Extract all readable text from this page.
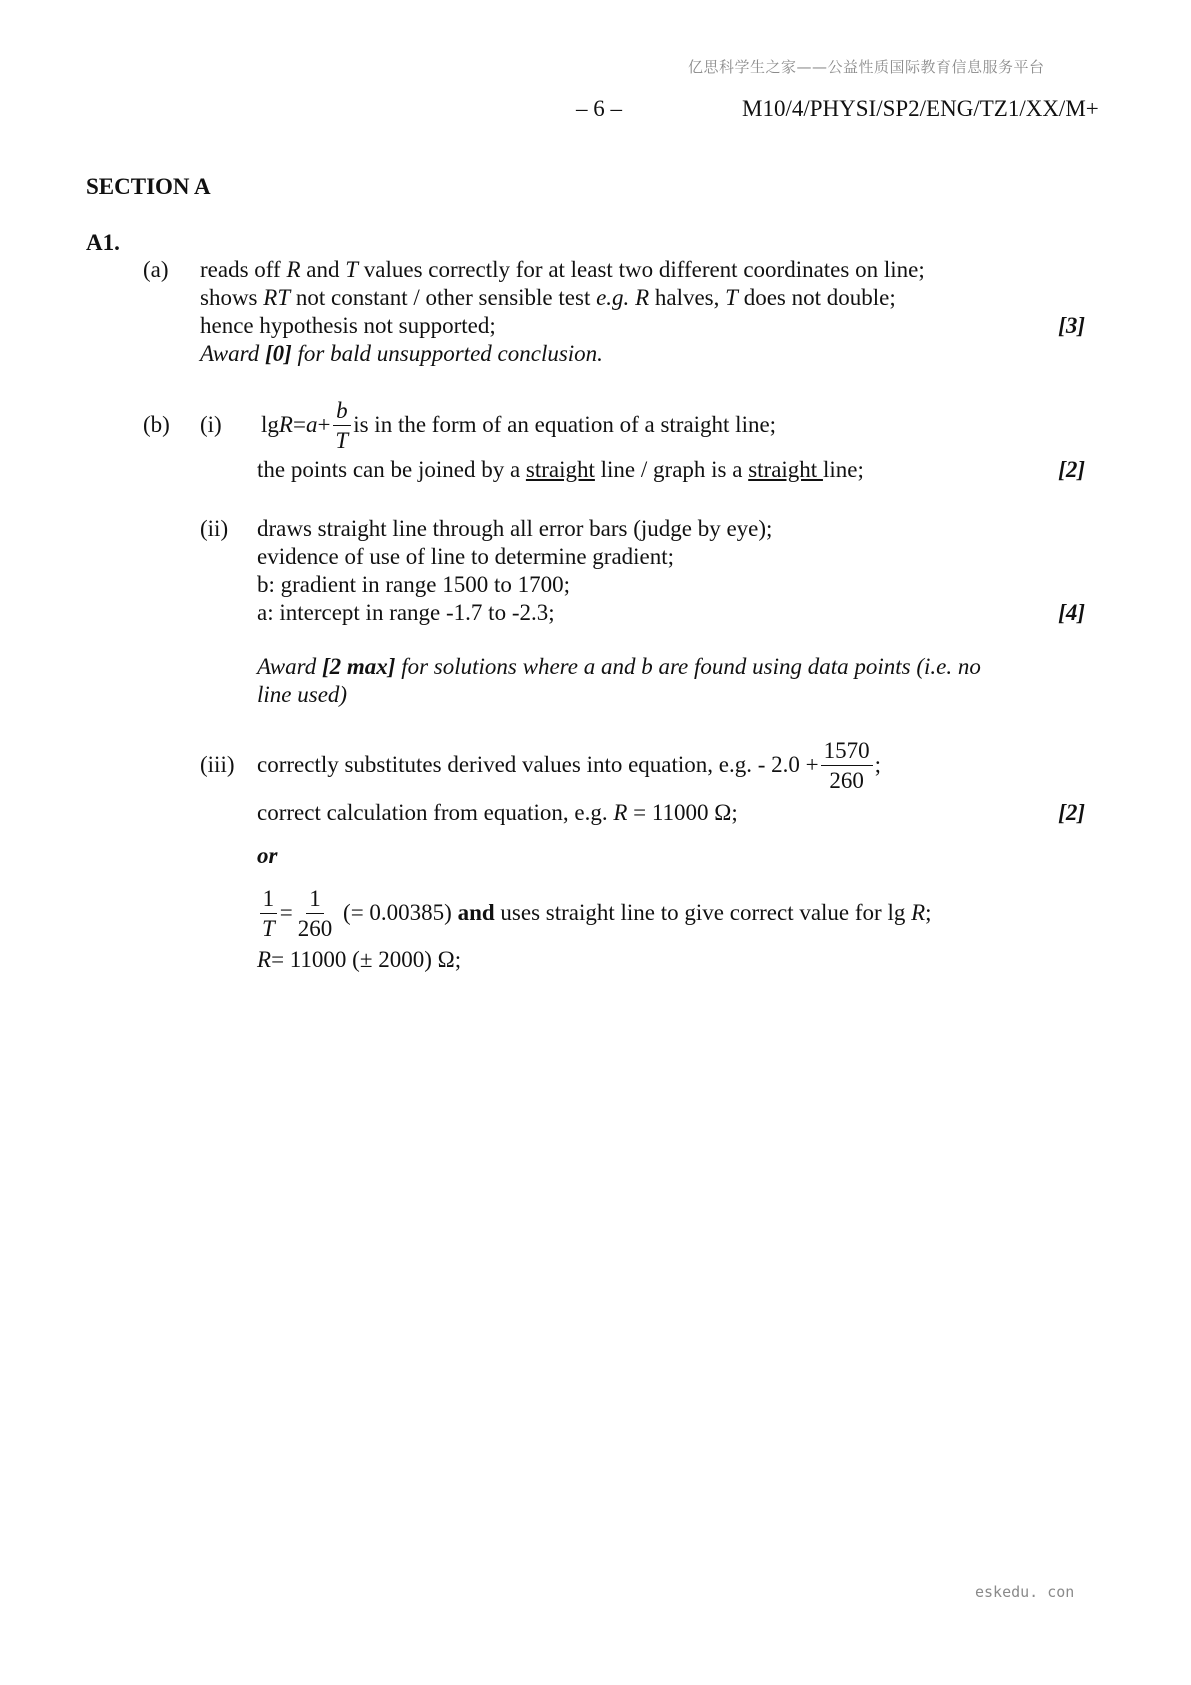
亿思科学生之家——公益性质国际教育信息服务平台
– 6 –	M10/4/PHYSI/SP2/ENG/TZ1/XX/M+
SECTION A
A1.
(a) reads off R and T values correctly for at least two different coordinates on line;
shows RT not constant / other sensible test e.g. R halves, T does not double;
hence hypothesis not supported;	[3]
Award [0] for bald unsupported conclusion.
(b) (i) $\lg R = a + \frac{b}{T}$ is in the form of an equation of a straight line;
the points can be joined by a straight line / graph is a straight line;	[2]
(ii) draws straight line through all error bars (judge by eye);
evidence of use of line to determine gradient;
b: gradient in range 1500 to 1700;
a: intercept in range -1.7 to -2.3;	[4]
Award [2 max] for solutions where a and b are found using data points (i.e. no
line used)
(iii) correctly substitutes derived values into equation, e.g. - $2.0 + \frac{1570}{260}$ ;
correct calculation from equation, e.g. R = 11000 Ω;	[2]
or
$\frac{1}{T} = \frac{1}{260}$ (= 0.00385) and uses straight line to give correct value for lg R ;
R= 11000 (± 2000) Ω;
eskedu. con
